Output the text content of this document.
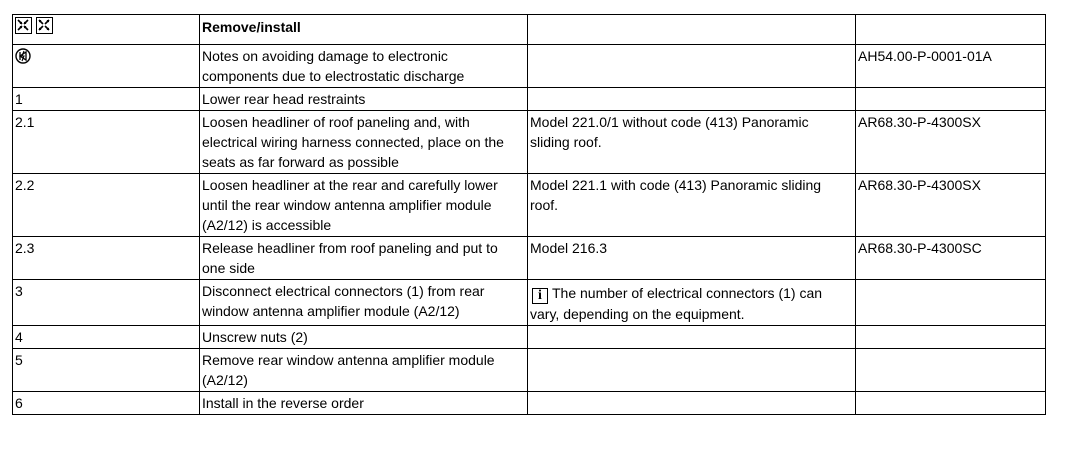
	Remove/install		
	Notes on avoiding damage to electronic components due to electrostatic discharge		AH54.00-P-0001-01A
1	Lower rear head restraints		
2.1	Loosen headliner of roof paneling and, with electrical wiring harness connected, place on the seats as far forward as possible	Model 221.0/1 without code (413) Panoramic sliding roof.	AR68.30-P-4300SX
2.2	Loosen headliner at the rear and carefully lower until the rear window antenna amplifier module (A2/12) is accessible	Model 221.1 with code (413) Panoramic sliding roof.	AR68.30-P-4300SX
2.3	Release headliner from roof paneling and put to one side	Model 216.3	AR68.30-P-4300SC
3	Disconnect electrical connectors (1) from rear window antenna amplifier module (A2/12)	i The number of electrical connectors (1) can vary, depending on the equipment.	
4	Unscrew nuts (2)		
5	Remove rear window antenna amplifier module (A2/12)		
6	Install in the reverse order		
